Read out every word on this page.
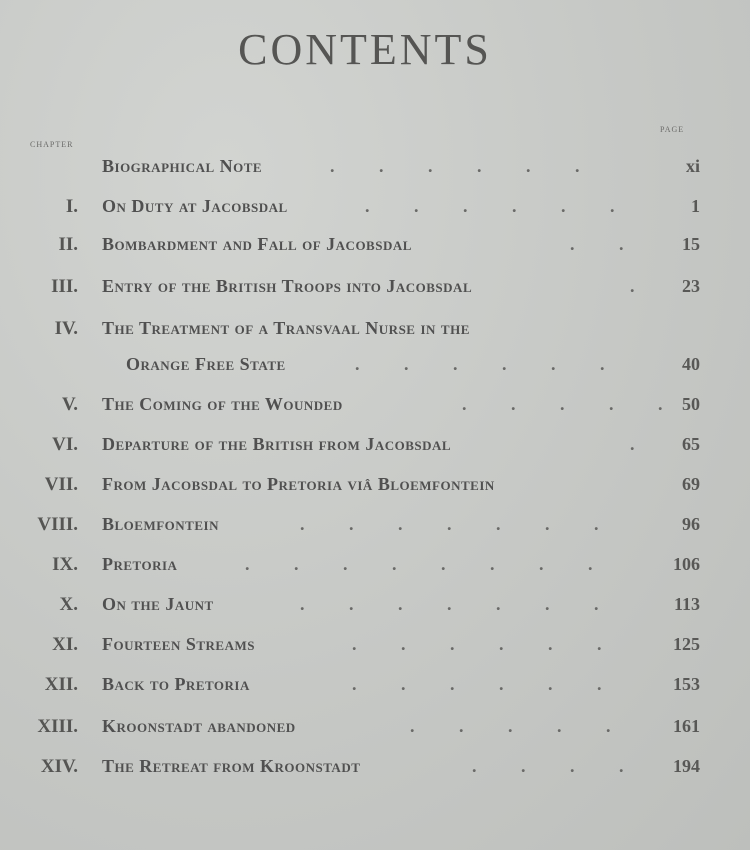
CONTENTS
CHAPTER
PAGE
Biographical Note	. . . . . .	xi
I. On Duty at Jacobsdal	. . . . . .	1
II. Bombardment and Fall of Jacobsdal	. . 15
III. Entry of the British Troops into Jacobsdal	. 23
IV. The Treatment of a Transvaal Nurse in the
Orange Free State	. . . . . .	40
V. The Coming of the Wounded	. . . . . 50
VI. Departure of the British from Jacobsdal	. 65
VII. From Jacobsdal to Pretoria viâ Bloemfontein	69
VIII. Bloemfontein	. . . . . . .	96
IX. Pretoria	. . . . . . . .	106
X. On the Jaunt	. . . . . . .	113
XI. Fourteen Streams	. . . . . .	125
XII. Back to Pretoria	. . . . . .	153
XIII. Kroonstadt abandoned	. . . . . 161
XIV. The Retreat from Kroonstadt	. . . . 194
